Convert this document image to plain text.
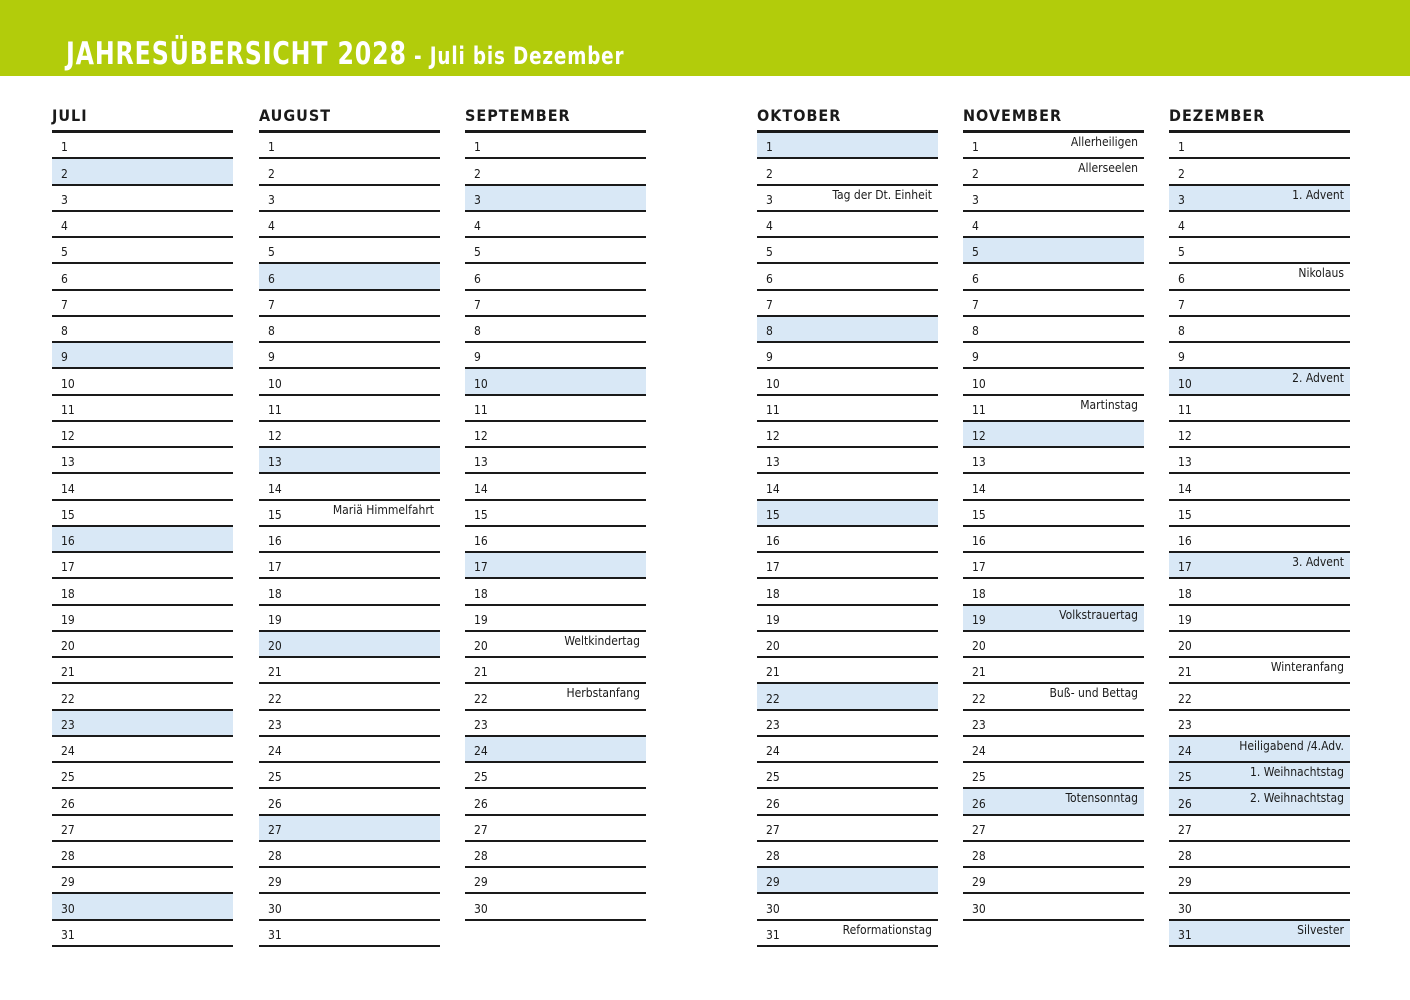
JAHRESÜBERSICHT 2028 - Juli bis Dezember
JULI
1
2
3
4
5
6
7
8
9
10
11
12
13
14
15
16
17
18
19
20
21
22
23
24
25
26
27
28
29
30
31
AUGUST
1
2
3
4
5
6
7
8
9
10
11
12
13
14
15	Mariä Himmelfahrt
16
17
18
19
20
21
22
23
24
25
26
27
28
29
30
31
SEPTEMBER
1
2
3
4
5
6
7
8
9
10
11
12
13
14
15
16
17
18
19
20	Weltkindertag
21
22	Herbstanfang
23
24
25
26
27
28
29
30
OKTOBER
1
2
3	Tag der Dt. Einheit
4
5
6
7
8
9
10
11
12
13
14
15
16
17
18
19
20
21
22
23
24
25
26
27
28
29
30
31	Reformationstag
NOVEMBER
1	Allerheiligen
2	Allerseelen
3
4
5
6
7
8
9
10
11	Martinstag
12
13
14
15
16
17
18
19	Volkstrauertag
20
21
22	Buß- und Bettag
23
24
25
26	Totensonntag
27
28
29
30
DEZEMBER
1
2
3	1. Advent
4
5
6	Nikolaus
7
8
9
10	2. Advent
11
12
13
14
15
16
17	3. Advent
18
19
20
21	Winteranfang
22
23
24	Heiligabend /4.Adv.
25	1. Weihnachtstag
26	2. Weihnachtstag
27
28
29
30
31	Silvester
